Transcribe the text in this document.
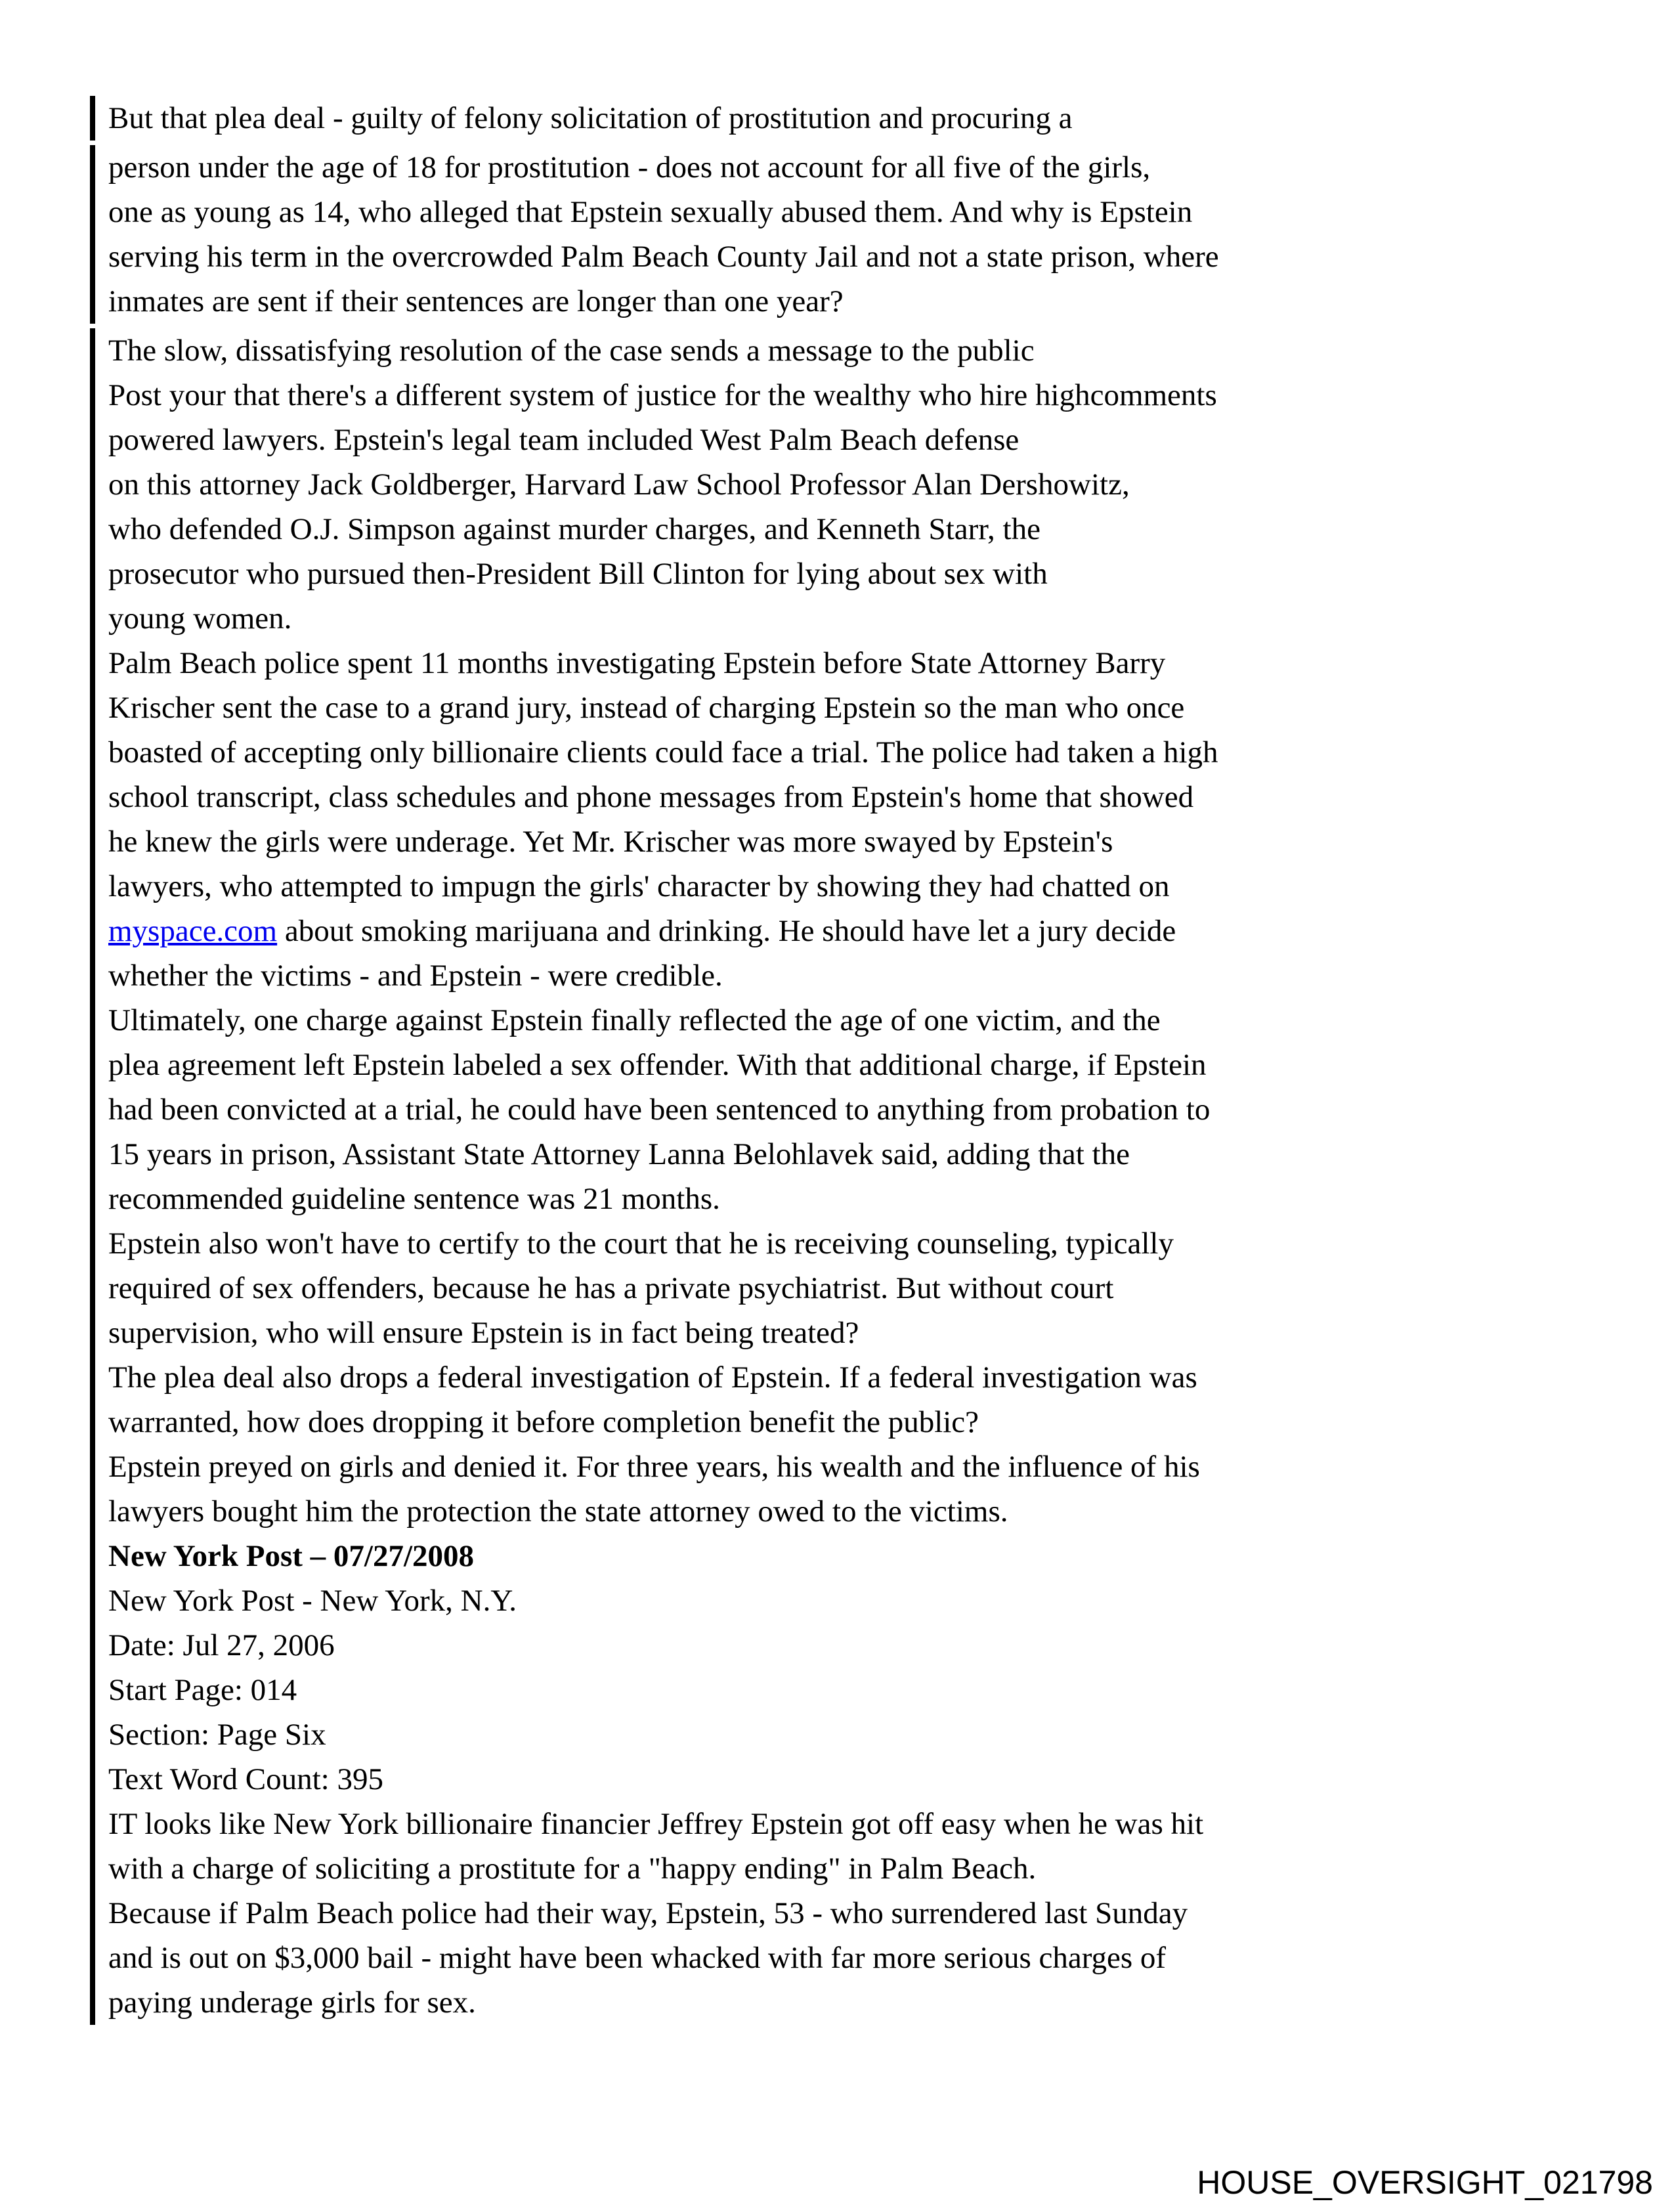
But that plea deal - guilty of felony solicitation of prostitution and procuring a
person under the age of 18 for prostitution - does not account for all five of the girls,
one as young as 14, who alleged that Epstein sexually abused them. And why is Epstein
serving his term in the overcrowded Palm Beach County Jail and not a state prison, where
inmates are sent if their sentences are longer than one year?
The slow, dissatisfying resolution of the case sends a message to the public
Post your that there's a different system of justice for the wealthy who hire highcomments
powered lawyers. Epstein's legal team included West Palm Beach defense
on this attorney Jack Goldberger, Harvard Law School Professor Alan Dershowitz,
who defended O.J. Simpson against murder charges, and Kenneth Starr, the
prosecutor who pursued then-President Bill Clinton for lying about sex with
young women.
Palm Beach police spent 11 months investigating Epstein before State Attorney Barry
Krischer sent the case to a grand jury, instead of charging Epstein so the man who once
boasted of accepting only billionaire clients could face a trial. The police had taken a high
school transcript, class schedules and phone messages from Epstein's home that showed
he knew the girls were underage. Yet Mr. Krischer was more swayed by Epstein's
lawyers, who attempted to impugn the girls' character by showing they had chatted on
myspace.com about smoking marijuana and drinking. He should have let a jury decide
whether the victims - and Epstein - were credible.
Ultimately, one charge against Epstein finally reflected the age of one victim, and the
plea agreement left Epstein labeled a sex offender. With that additional charge, if Epstein
had been convicted at a trial, he could have been sentenced to anything from probation to
15 years in prison, Assistant State Attorney Lanna Belohlavek said, adding that the
recommended guideline sentence was 21 months.
Epstein also won't have to certify to the court that he is receiving counseling, typically
required of sex offenders, because he has a private psychiatrist. But without court
supervision, who will ensure Epstein is in fact being treated?
The plea deal also drops a federal investigation of Epstein. If a federal investigation was
warranted, how does dropping it before completion benefit the public?
Epstein preyed on girls and denied it. For three years, his wealth and the influence of his
lawyers bought him the protection the state attorney owed to the victims.
New York Post – 07/27/2008
New York Post - New York, N.Y.
Date: Jul 27, 2006
Start Page: 014
Section: Page Six
Text Word Count: 395
IT looks like New York billionaire financier Jeffrey Epstein got off easy when he was hit
with a charge of soliciting a prostitute for a "happy ending" in Palm Beach.
Because if Palm Beach police had their way, Epstein, 53 - who surrendered last Sunday
and is out on $3,000 bail - might have been whacked with far more serious charges of
paying underage girls for sex.
HOUSE_OVERSIGHT_021798
